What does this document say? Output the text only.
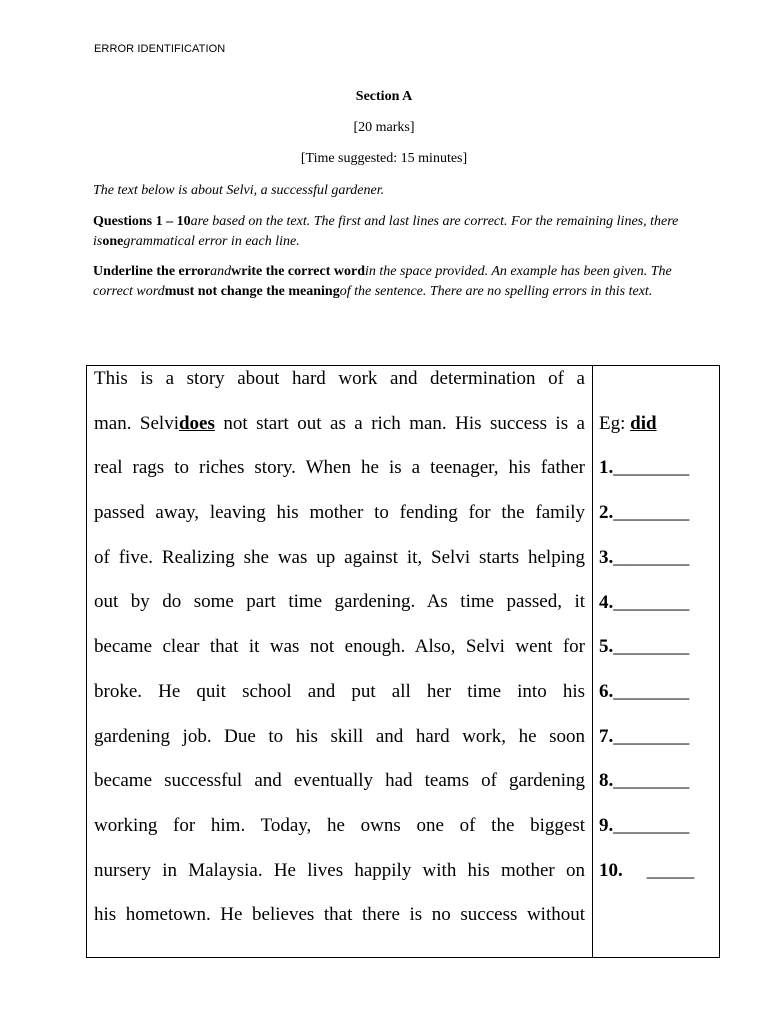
ERROR IDENTIFICATION
Section A
[20 marks]
[Time suggested: 15 minutes]
The text below is about Selvi, a successful gardener.
Questions 1 – 10are based on the text. The first and last lines are correct. For the remaining lines, there isonegrammatical error in each line.
Underline the errorandwrite the correct wordin the space provided. An example has been given. The correct wordmust not change the meaningof the sentence. There are no spelling errors in this text.
This is a story about hard work and determination of a
man. Selvidoes not start out as a rich man. His success is a
real rags to riches story. When he is a teenager, his father
passed away, leaving his mother to fending for the family
of five. Realizing she was up against it, Selvi starts helping
out by do some part time gardening. As time passed, it
became clear that it was not enough. Also, Selvi went for
broke. He quit school and put all her time into his
gardening job. Due to his skill and hard work, he soon
became successful and eventually had teams of gardening
working for him. Today, he owns one of the biggest
nursery in Malaysia. He lives happily with his mother on
his hometown. He believes that there is no success without
Eg: did
1.________
2.________
3.________
4.________
5.________
6.________
7.________
8.________
9.________
10. _____
